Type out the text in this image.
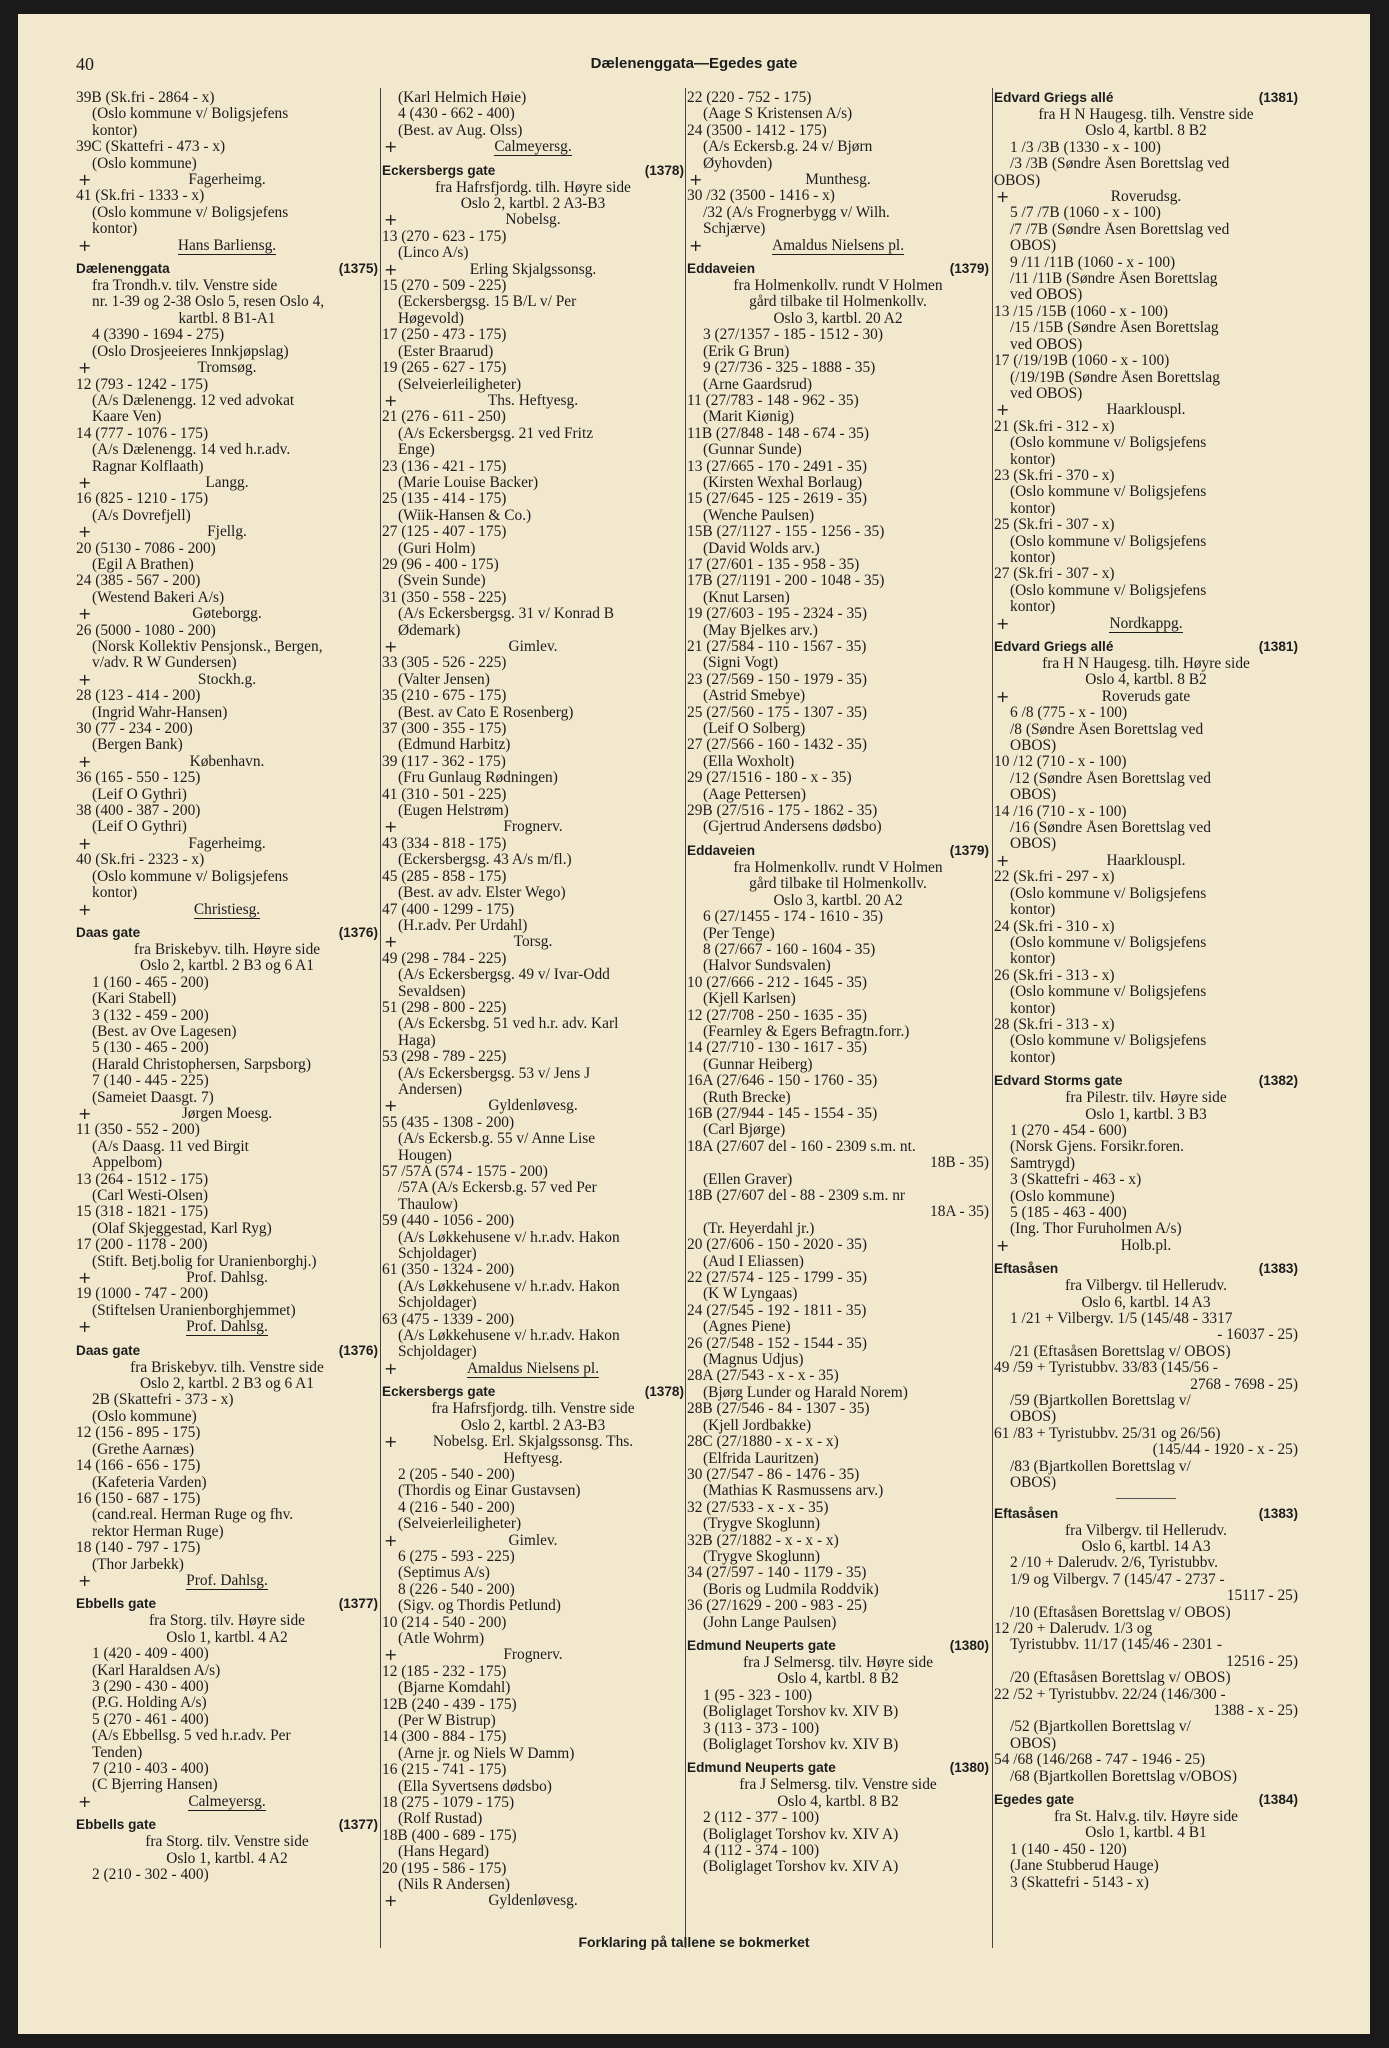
40	Dælenenggata—Egedes gate
39B (Sk.fri - 2864 - x)
(Oslo kommune v/ Boligsjefens
kontor)
39C (Skattefri - 473 - x)
(Oslo kommune)
+	Fagerheimg.
41 (Sk.fri - 1333 - x)
(Oslo kommune v/ Boligsjefens
kontor)
+	Hans Barliensg.
Dælenenggata	(1375)
fra Trondh.v. tilv. Venstre side
nr. 1-39 og 2-38 Oslo 5, resen Oslo 4,
kartbl. 8 B1-A1
4 (3390 - 1694 - 275)
(Oslo Drosjeeieres Innkjøpslag)
+	Tromsøg.
12 (793 - 1242 - 175)
(A/s Dælenengg. 12 ved advokat
Kaare Ven)
14 (777 - 1076 - 175)
(A/s Dælenengg. 14 ved h.r.adv.
Ragnar Kolflaath)
+	Langg.
16 (825 - 1210 - 175)
(A/s Dovrefjell)
+	Fjellg.
20 (5130 - 7086 - 200)
(Egil A Brathen)
24 (385 - 567 - 200)
(Westend Bakeri A/s)
+	Gøteborgg.
26 (5000 - 1080 - 200)
(Norsk Kollektiv Pensjonsk., Bergen,
v/adv. R W Gundersen)
+	Stockh.g.
28 (123 - 414 - 200)
(Ingrid Wahr-Hansen)
30 (77 - 234 - 200)
(Bergen Bank)
+	København.
36 (165 - 550 - 125)
(Leif O Gythri)
38 (400 - 387 - 200)
(Leif O Gythri)
+	Fagerheimg.
40 (Sk.fri - 2323 - x)
(Oslo kommune v/ Boligsjefens
kontor)
+	Christiesg.
Daas gate	(1376)
fra Briskebyv. tilh. Høyre side
Oslo 2, kartbl. 2 B3 og 6 A1
1 (160 - 465 - 200)
(Kari Stabell)
3 (132 - 459 - 200)
(Best. av Ove Lagesen)
5 (130 - 465 - 200)
(Harald Christophersen, Sarpsborg)
7 (140 - 445 - 225)
(Sameiet Daasgt. 7)
+	Jørgen Moesg.
11 (350 - 552 - 200)
(A/s Daasg. 11 ved Birgit
Appelbom)
13 (264 - 1512 - 175)
(Carl Westi-Olsen)
15 (318 - 1821 - 175)
(Olaf Skjeggestad, Karl Ryg)
17 (200 - 1178 - 200)
(Stift. Betj.bolig for Uranienborghj.)
+	Prof. Dahlsg.
19 (1000 - 747 - 200)
(Stiftelsen Uranienborghjemmet)
+	Prof. Dahlsg.
Daas gate	(1376)
fra Briskebyv. tilh. Venstre side
Oslo 2, kartbl. 2 B3 og 6 A1
2B (Skattefri - 373 - x)
(Oslo kommune)
12 (156 - 895 - 175)
(Grethe Aarnæs)
14 (166 - 656 - 175)
(Kafeteria Varden)
16 (150 - 687 - 175)
(cand.real. Herman Ruge og fhv.
rektor Herman Ruge)
18 (140 - 797 - 175)
(Thor Jarbekk)
+	Prof. Dahlsg.
Ebbells gate	(1377)
fra Storg. tilv. Høyre side
Oslo 1, kartbl. 4 A2
1 (420 - 409 - 400)
(Karl Haraldsen A/s)
3 (290 - 430 - 400)
(P.G. Holding A/s)
5 (270 - 461 - 400)
(A/s Ebbellsg. 5 ved h.r.adv. Per
Tenden)
7 (210 - 403 - 400)
(C Bjerring Hansen)
+	Calmeyersg.
Ebbells gate	(1377)
fra Storg. tilv. Venstre side
Oslo 1, kartbl. 4 A2
2 (210 - 302 - 400)
(Karl Helmich Høie)
4 (430 - 662 - 400)
(Best. av Aug. Olss)
+	Calmeyersg.
Eckersbergs gate	(1378)
fra Hafrsfjordg. tilh. Høyre side
Oslo 2, kartbl. 2 A3-B3
+	Nobelsg.
13 (270 - 623 - 175)
(Linco A/s)
+	Erling Skjalgssonsg.
15 (270 - 509 - 225)
(Eckersbergsg. 15 B/L v/ Per
Høgevold)
17 (250 - 473 - 175)
(Ester Braarud)
19 (265 - 627 - 175)
(Selveierleiligheter)
+	Ths. Heftyesg.
21 (276 - 611 - 250)
(A/s Eckersbergsg. 21 ved Fritz
Enge)
23 (136 - 421 - 175)
(Marie Louise Backer)
25 (135 - 414 - 175)
(Wiik-Hansen & Co.)
27 (125 - 407 - 175)
(Guri Holm)
29 (96 - 400 - 175)
(Svein Sunde)
31 (350 - 558 - 225)
(A/s Eckersbergsg. 31 v/ Konrad B
Ødemark)
+	Gimlev.
33 (305 - 526 - 225)
(Valter Jensen)
35 (210 - 675 - 175)
(Best. av Cato E Rosenberg)
37 (300 - 355 - 175)
(Edmund Harbitz)
39 (117 - 362 - 175)
(Fru Gunlaug Rødningen)
41 (310 - 501 - 225)
(Eugen Helstrøm)
+	Frognerv.
43 (334 - 818 - 175)
(Eckersbergsg. 43 A/s m/fl.)
45 (285 - 858 - 175)
(Best. av adv. Elster Wego)
47 (400 - 1299 - 175)
(H.r.adv. Per Urdahl)
+	Torsg.
49 (298 - 784 - 225)
(A/s Eckersbergsg. 49 v/ Ivar-Odd
Sevaldsen)
51 (298 - 800 - 225)
(A/s Eckersbg. 51 ved h.r. adv. Karl
Haga)
53 (298 - 789 - 225)
(A/s Eckersbergsg. 53 v/ Jens J
Andersen)
+	Gyldenløvesg.
55 (435 - 1308 - 200)
(A/s Eckersb.g. 55 v/ Anne Lise
Hougen)
57 /57A (574 - 1575 - 200)
/57A (A/s Eckersb.g. 57 ved Per
Thaulow)
59 (440 - 1056 - 200)
(A/s Løkkehusene v/ h.r.adv. Hakon
Schjoldager)
61 (350 - 1324 - 200)
(A/s Løkkehusene v/ h.r.adv. Hakon
Schjoldager)
63 (475 - 1339 - 200)
(A/s Løkkehusene v/ h.r.adv. Hakon
Schjoldager)
+	Amaldus Nielsens pl.
Eckersbergs gate	(1378)
fra Hafrsfjordg. tilh. Venstre side
Oslo 2, kartbl. 2 A3-B3
+ Nobelsg. Erl. Skjalgssonsg. Ths.
Heftyesg.
2 (205 - 540 - 200)
(Thordis og Einar Gustavsen)
4 (216 - 540 - 200)
(Selveierleiligheter)
+	Gimlev.
6 (275 - 593 - 225)
(Septimus A/s)
8 (226 - 540 - 200)
(Sigv. og Thordis Petlund)
10 (214 - 540 - 200)
(Atle Wohrm)
+	Frognerv.
12 (185 - 232 - 175)
(Bjarne Komdahl)
12B (240 - 439 - 175)
(Per W Bistrup)
14 (300 - 884 - 175)
(Arne jr. og Niels W Damm)
16 (215 - 741 - 175)
(Ella Syvertsens dødsbo)
18 (275 - 1079 - 175)
(Rolf Rustad)
18B (400 - 689 - 175)
(Hans Hegard)
20 (195 - 586 - 175)
(Nils R Andersen)
+	Gyldenløvesg.
22 (220 - 752 - 175)
(Aage S Kristensen A/s)
24 (3500 - 1412 - 175)
(A/s Eckersb.g. 24 v/ Bjørn
Øyhovden)
+	Munthesg.
30 /32 (3500 - 1416 - x)
/32 (A/s Frognerbygg v/ Wilh.
Schjærve)
+	Amaldus Nielsens pl.
Eddaveien	(1379)
fra Holmenkollv. rundt V Holmen
gård tilbake til Holmenkollv.
Oslo 3, kartbl. 20 A2
3 (27/1357 - 185 - 1512 - 30)
(Erik G Brun)
9 (27/736 - 325 - 1888 - 35)
(Arne Gaardsrud)
11 (27/783 - 148 - 962 - 35)
(Marit Kiønig)
11B (27/848 - 148 - 674 - 35)
(Gunnar Sunde)
13 (27/665 - 170 - 2491 - 35)
(Kirsten Wexhal Borlaug)
15 (27/645 - 125 - 2619 - 35)
(Wenche Paulsen)
15B (27/1127 - 155 - 1256 - 35)
(David Wolds arv.)
17 (27/601 - 135 - 958 - 35)
17B (27/1191 - 200 - 1048 - 35)
(Knut Larsen)
19 (27/603 - 195 - 2324 - 35)
(May Bjelkes arv.)
21 (27/584 - 110 - 1567 - 35)
(Signi Vogt)
23 (27/569 - 150 - 1979 - 35)
(Astrid Smebye)
25 (27/560 - 175 - 1307 - 35)
(Leif O Solberg)
27 (27/566 - 160 - 1432 - 35)
(Ella Woxholt)
29 (27/1516 - 180 - x - 35)
(Aage Pettersen)
29B (27/516 - 175 - 1862 - 35)
(Gjertrud Andersens dødsbo)
Eddaveien	(1379)
fra Holmenkollv. rundt V Holmen
gård tilbake til Holmenkollv.
Oslo 3, kartbl. 20 A2
6 (27/1455 - 174 - 1610 - 35)
(Per Tenge)
8 (27/667 - 160 - 1604 - 35)
(Halvor Sundsvalen)
10 (27/666 - 212 - 1645 - 35)
(Kjell Karlsen)
12 (27/708 - 250 - 1635 - 35)
(Fearnley & Egers Befragtn.forr.)
14 (27/710 - 130 - 1617 - 35)
(Gunnar Heiberg)
16A (27/646 - 150 - 1760 - 35)
(Ruth Brecke)
16B (27/944 - 145 - 1554 - 35)
(Carl Bjørge)
18A (27/607 del - 160 - 2309 s.m. nt.
18B - 35)
(Ellen Graver)
18B (27/607 del - 88 - 2309 s.m. nr
18A - 35)
(Tr. Heyerdahl jr.)
20 (27/606 - 150 - 2020 - 35)
(Aud I Eliassen)
22 (27/574 - 125 - 1799 - 35)
(K W Lyngaas)
24 (27/545 - 192 - 1811 - 35)
(Agnes Piene)
26 (27/548 - 152 - 1544 - 35)
(Magnus Udjus)
28A (27/543 - x - x - 35)
(Bjørg Lunder og Harald Norem)
28B (27/546 - 84 - 1307 - 35)
(Kjell Jordbakke)
28C (27/1880 - x - x - x)
(Elfrida Lauritzen)
30 (27/547 - 86 - 1476 - 35)
(Mathias K Rasmussens arv.)
32 (27/533 - x - x - 35)
(Trygve Skoglunn)
32B (27/1882 - x - x - x)
(Trygve Skoglunn)
34 (27/597 - 140 - 1179 - 35)
(Boris og Ludmila Roddvik)
36 (27/1629 - 200 - 983 - 25)
(John Lange Paulsen)
Edmund Neuperts gate	(1380)
fra J Selmersg. tilv. Høyre side
Oslo 4, kartbl. 8 B2
1 (95 - 323 - 100)
(Boliglaget Torshov kv. XIV B)
3 (113 - 373 - 100)
(Boliglaget Torshov kv. XIV B)
Edmund Neuperts gate	(1380)
fra J Selmersg. tilv. Venstre side
Oslo 4, kartbl. 8 B2
2 (112 - 377 - 100)
(Boliglaget Torshov kv. XIV A)
4 (112 - 374 - 100)
(Boliglaget Torshov kv. XIV A)
Edvard Griegs allé	(1381)
fra H N Haugesg. tilh. Venstre side
Oslo 4, kartbl. 8 B2
1 /3 /3B (1330 - x - 100)
/3 /3B (Søndre Åsen Borettslag ved
OBOS)
+	Roverudsg.
5 /7 /7B (1060 - x - 100)
/7 /7B (Søndre Åsen Borettslag ved
OBOS)
9 /11 /11B (1060 - x - 100)
/11 /11B (Søndre Åsen Borettslag
ved OBOS)
13 /15 /15B (1060 - x - 100)
/15 /15B (Søndre Åsen Borettslag
ved OBOS)
17 (/19/19B (1060 - x - 100)
(/19/19B (Søndre Åsen Borettslag
ved OBOS)
+	Haarklouspl.
21 (Sk.fri - 312 - x)
(Oslo kommune v/ Boligsjefens
kontor)
23 (Sk.fri - 370 - x)
(Oslo kommune v/ Boligsjefens
kontor)
25 (Sk.fri - 307 - x)
(Oslo kommune v/ Boligsjefens
kontor)
27 (Sk.fri - 307 - x)
(Oslo kommune v/ Boligsjefens
kontor)
+	Nordkappg.
Edvard Griegs allé	(1381)
fra H N Haugesg. tilh. Høyre side
Oslo 4, kartbl. 8 B2
+	Roveruds gate
6 /8 (775 - x - 100)
/8 (Søndre Åsen Borettslag ved
OBOS)
10 /12 (710 - x - 100)
/12 (Søndre Åsen Borettslag ved
OBOS)
14 /16 (710 - x - 100)
/16 (Søndre Åsen Borettslag ved
OBOS)
+	Haarklouspl.
22 (Sk.fri - 297 - x)
(Oslo kommune v/ Boligsjefens
kontor)
24 (Sk.fri - 310 - x)
(Oslo kommune v/ Boligsjefens
kontor)
26 (Sk.fri - 313 - x)
(Oslo kommune v/ Boligsjefens
kontor)
28 (Sk.fri - 313 - x)
(Oslo kommune v/ Boligsjefens
kontor)
Edvard Storms gate	(1382)
fra Pilestr. tilv. Høyre side
Oslo 1, kartbl. 3 B3
1 (270 - 454 - 600)
(Norsk Gjens. Forsikr.foren.
Samtrygd)
3 (Skattefri - 463 - x)
(Oslo kommune)
5 (185 - 463 - 400)
(Ing. Thor Furuholmen A/s)
+	Holb.pl.
Eftasåsen	(1383)
fra Vilbergv. til Hellerudv.
Oslo 6, kartbl. 14 A3
1 /21 + Vilbergv. 1/5 (145/48 - 3317
- 16037 - 25)
/21 (Eftasåsen Borettslag v/ OBOS)
49 /59 + Tyristubbv. 33/83 (145/56 -
2768 - 7698 - 25)
/59 (Bjartkollen Borettslag v/
OBOS)
61 /83 + Tyristubbv. 25/31 og 26/56)
(145/44 - 1920 - x - 25)
/83 (Bjartkollen Borettslag v/
OBOS)
Eftasåsen	(1383)
fra Vilbergv. til Hellerudv.
Oslo 6, kartbl. 14 A3
2 /10 + Dalerudv. 2/6, Tyristubbv.
1/9 og Vilbergv. 7 (145/47 - 2737 -
15117 - 25)
/10 (Eftasåsen Borettslag v/ OBOS)
12 /20 + Dalerudv. 1/3 og
Tyristubbv. 11/17 (145/46 - 2301 -
12516 - 25)
/20 (Eftasåsen Borettslag v/ OBOS)
22 /52 + Tyristubbv. 22/24 (146/300 -
1388 - x - 25)
/52 (Bjartkollen Borettslag v/
OBOS)
54 /68 (146/268 - 747 - 1946 - 25)
/68 (Bjartkollen Borettslag v/OBOS)
Egedes gate	(1384)
fra St. Halv.g. tilv. Høyre side
Oslo 1, kartbl. 4 B1
1 (140 - 450 - 120)
(Jane Stubberud Hauge)
3 (Skattefri - 5143 - x)
Forklaring på tallene se bokmerket
